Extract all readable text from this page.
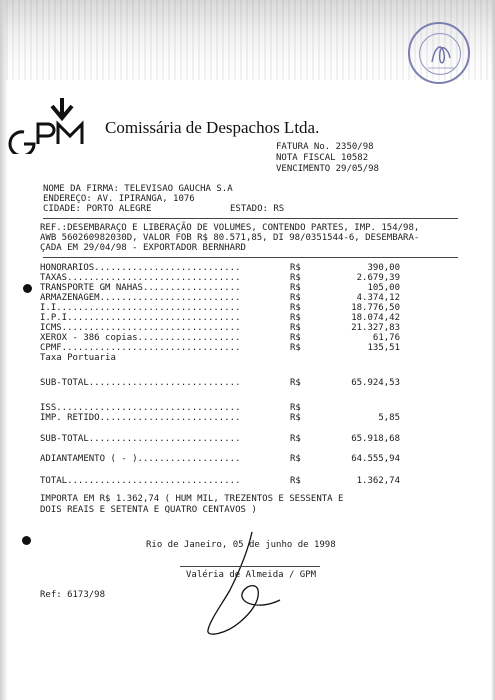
GPM
Comissária de Despachos Ltda.
FATURA No. 2350/98
NOTA FISCAL 10582
VENCIMENTO 29/05/98
NOME DA FIRMA: TELEVISAO GAUCHA S.A
ENDEREÇO: AV. IPIRANGA, 1076
CIDADE: PORTO ALEGRE	ESTADO: RS
REF.:DESEMBARAÇO E LIBERAÇÃO DE VOLUMES, CONTENDO PARTES, IMP. 154/98,
AWB 560260982030D, VALOR FOB R$ 80.571,85, DI 98/0351544-6, DESEMBARA-
ÇADA EM 29/04/98 - EXPORTADOR BERNHARD
HONORARIOS...........................	R$	390,00
TAXAS................................	R$	2.679,39
TRANSPORTE GM NAHAS..................	R$	105,00
ARMAZENAGEM..........................	R$	4.374,12
I.I..................................	R$	18.776,50
I.P.I................................	R$	18.074,42
ICMS.................................	R$	21.327,83
XEROX - 386 copias...................	R$	61,76
CPMF.................................	R$	135,51
Taxa Portuaria
SUB-TOTAL............................	R$	65.924,53
ISS..................................	R$
IMP. RETIDO..........................	R$	5,85
SUB-TOTAL............................	R$	65.918,68
ADIANTAMENTO ( - )...................	R$	64.555,94
TOTAL................................	R$	1.362,74
IMPORTA EM R$ 1.362,74 ( HUM MIL, TREZENTOS E SESSENTA E
DOIS REAIS E SETENTA E QUATRO CENTAVOS )
Rio de Janeiro, 05 de junho de 1998
Valéria de Almeida / GPM
Ref: 6173/98
